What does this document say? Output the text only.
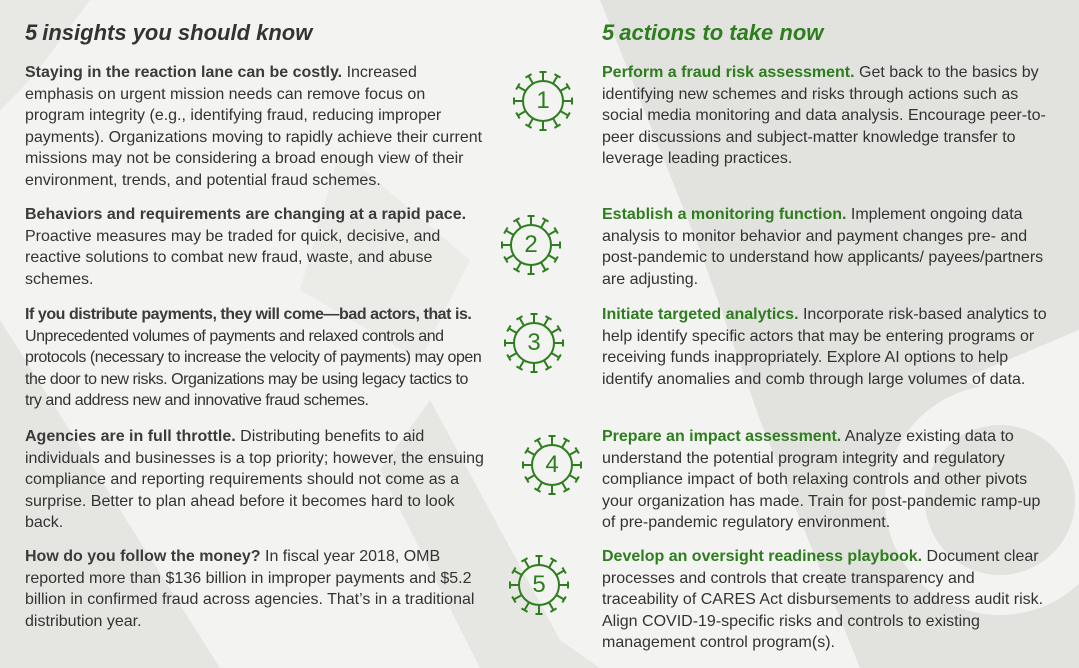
5 insights you should know

Staying in the reaction lane can be costly. Increased emphasis on urgent mission needs can remove focus on program integrity (e.g., identifying fraud, reducing improper payments). Organizations moving to rapidly achieve their current missions may not be considering a broad enough view of their environment, trends, and potential fraud schemes.

Behaviors and requirements are changing at a rapid pace. Proactive measures may be traded for quick, decisive, and reactive solutions to combat new fraud, waste, and abuse schemes.

If you distribute payments, they will come—bad actors, that is. Unprecedented volumes of payments and relaxed controls and protocols (necessary to increase the velocity of payments) may open the door to new risks. Organizations may be using legacy tactics to try and address new and innovative fraud schemes.

Agencies are in full throttle. Distributing benefits to aid individuals and businesses is a top priority; however, the ensuing compliance and reporting requirements should not come as a surprise. Better to plan ahead before it becomes hard to look back.

How do you follow the money? In fiscal year 2018, OMB reported more than $136 billion in improper payments and $5.2 billion in confirmed fraud across agencies. That’s in a traditional distribution year.

1
2
3
4
5
5 actions to take now

Perform a fraud risk assessment. Get back to the basics by identifying new schemes and risks through actions such as social media monitoring and data analysis. Encourage peer-to-peer discussions and subject-matter knowledge transfer to leverage leading practices.

Establish a monitoring function. Implement ongoing data analysis to monitor behavior and payment changes pre- and post-pandemic to understand how applicants/ payees/partners are adjusting.

Initiate targeted analytics. Incorporate risk-based analytics to help identify specific actors that may be entering programs or receiving funds inappropriately. Explore AI options to help identify anomalies and comb through large volumes of data.

Prepare an impact assessment. Analyze existing data to understand the potential program integrity and regulatory compliance impact of both relaxing controls and other pivots your organization has made. Train for post-pandemic ramp-up of pre-pandemic regulatory environment.

Develop an oversight readiness playbook. Document clear processes and controls that create transparency and traceability of CARES Act disbursements to address audit risk. Align COVID-19-specific risks and controls to existing management control program(s).
